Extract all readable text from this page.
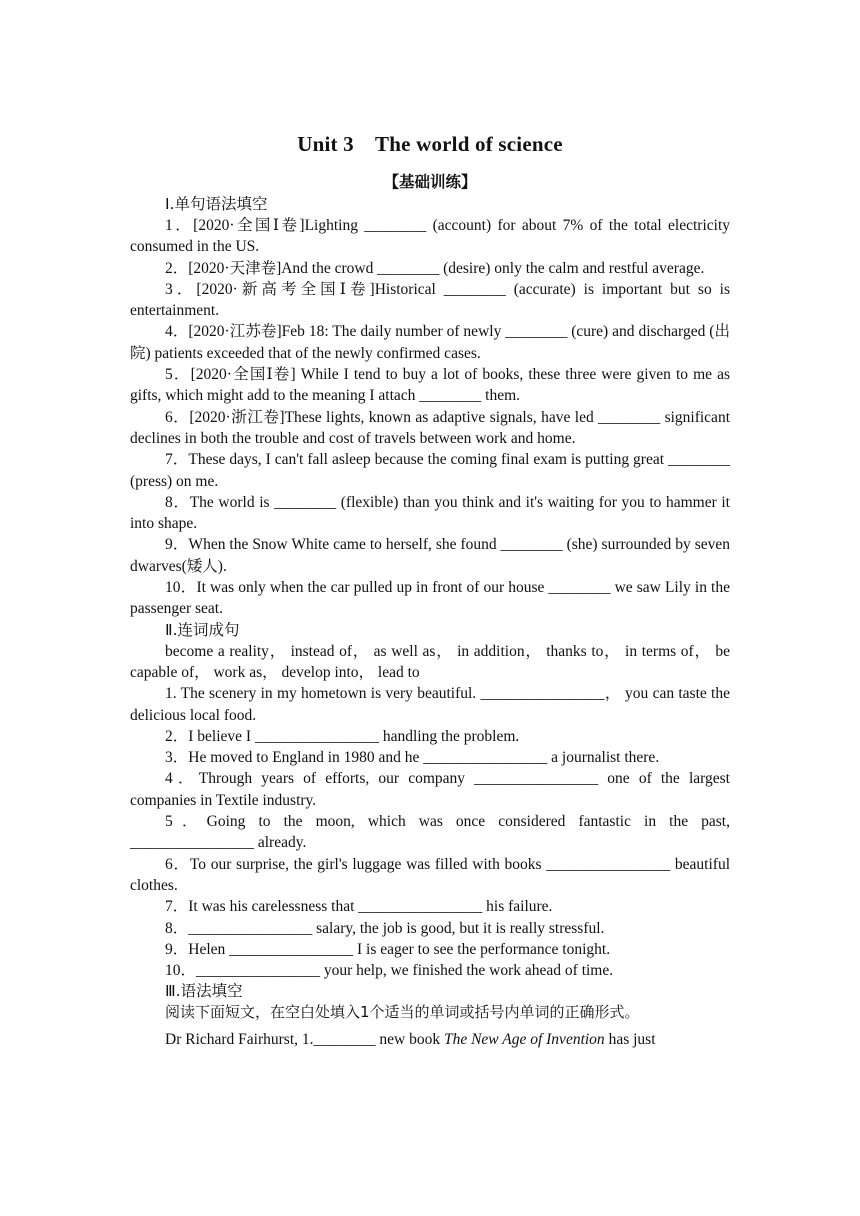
Unit 3　The world of science
【基础训练】
Ⅰ.单句语法填空

1．[2020·全国Ⅰ卷]Lighting ________ (account) for about 7% of the total electricity consumed in the US.

2．[2020·天津卷]And the crowd ________ (desire) only the calm and restful average.

3．[2020·新高考全国Ⅰ卷]Historical ________ (accurate) is important but so is entertainment.

4．[2020·江苏卷]Feb 18: The daily number of newly ________ (cure) and discharged (出院) patients exceeded that of the newly confirmed cases.

5．[2020·全国Ⅰ卷] While I tend to buy a lot of books, these three were given to me as gifts, which might add to the meaning I attach ________ them.

6．[2020·浙江卷]These lights, known as adaptive signals, have led ________ significant declines in both the trouble and cost of travels between work and home.

7．These days, I can't fall asleep because the coming final exam is putting great ________ (press) on me.

8．The world is ________ (flexible) than you think and it's waiting for you to hammer it into shape.

9．When the Snow White came to herself, she found ________ (she) surrounded by seven dwarves(矮人).

10．It was only when the car pulled up in front of our house ________ we saw Lily in the passenger seat.

Ⅱ.连词成句

become a reality， instead of， as well as， in addition， thanks to， in terms of， be capable of， work as， develop into， lead to

1. The scenery in my hometown is very beautiful. ________________， you can taste the delicious local food.

2．I believe I ________________ handling the problem.

3．He moved to England in 1980 and he ________________ a journalist there.

4．Through years of efforts, our company ________________ one of the largest companies in Textile industry.

5．Going to the moon, which was once considered fantastic in the past, ________________ already.

6．To our surprise, the girl's luggage was filled with books ________________ beautiful clothes.

7．It was his carelessness that ________________ his failure.

8．________________ salary, the job is good, but it is really stressful.

9．Helen ________________ I is eager to see the performance tonight.

10．________________ your help, we finished the work ahead of time.

Ⅲ.语法填空

阅读下面短文，在空白处填入1个适当的单词或括号内单词的正确形式。

Dr Richard Fairhurst, 1.________ new book The New Age of Invention has just
